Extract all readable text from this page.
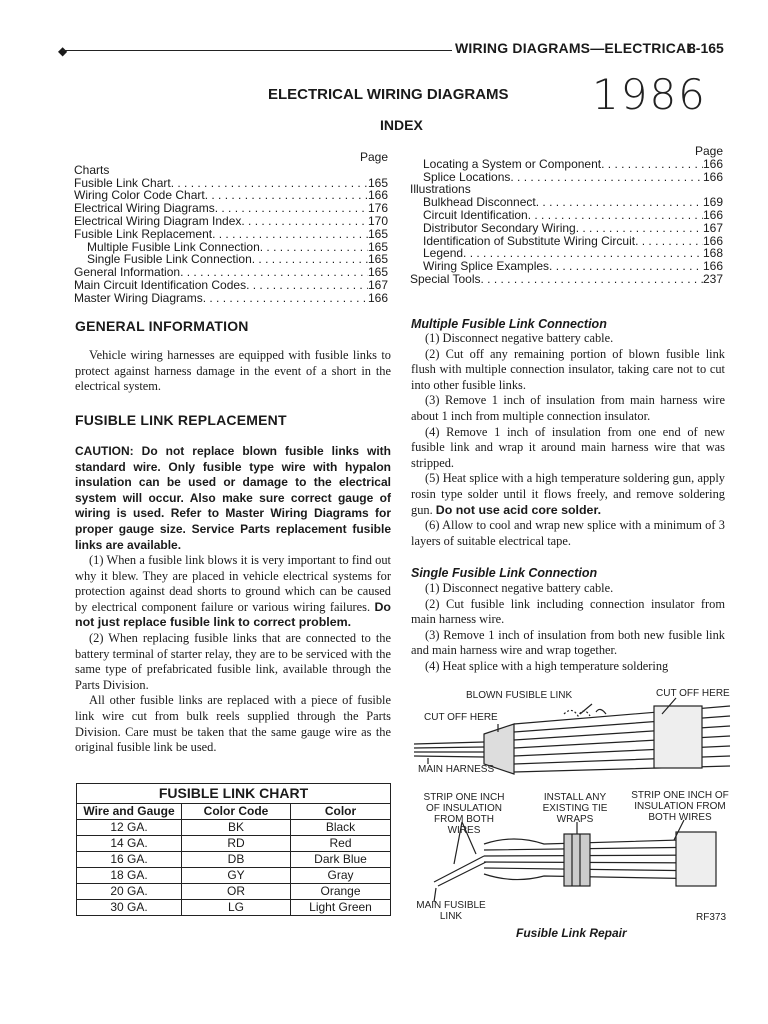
◆	WIRING DIAGRAMS—ELECTRICAL
8-165
ELECTRICAL WIRING DIAGRAMS 1986
INDEX
Page
Charts
Fusible Link Chart . . .	165
Wiring Color Code Chart . . .	166
Electrical Wiring Diagrams . . .	176
Electrical Wiring Diagram Index . . .	170
Fusible Link Replacement . . .	165
Multiple Fusible Link Connection . . .	165
Single Fusible Link Connection . . .	165
General Information . . .	165
Main Circuit Identification Codes . . .	167
Master Wiring Diagrams . . .	166
Page
Locating a System or Component . . .	166
Splice Locations . . .	166
Illustrations
Bulkhead Disconnect . . .	169
Circuit Identification . . .	166
Distributor Secondary Wiring . . .	167
Identification of Substitute Wiring Circuit . . .	166
Legend . . .	168
Wiring Splice Examples . . .	166
Special Tools . . .	237
GENERAL INFORMATION

Vehicle wiring harnesses are equipped with fusible links to protect against harness damage in the event of a short in the electrical system.

FUSIBLE LINK REPLACEMENT
CAUTION: Do not replace blown fusible links with standard wire. Only fusible type wire with hypalon insulation can be used or damage to the electrical system will occur. Also make sure correct gauge of wiring is used. Refer to Master Wiring Diagrams for proper gauge size. Service Parts replacement fusible links are available.

(1) When a fusible link blows it is very important to find out why it blew. They are placed in vehicle electrical systems for protection against dead shorts to ground which can be caused by electrical component failure or various wiring failures. Do not just replace fusible link to correct problem.

(2) When replacing fusible links that are connected to the battery terminal of starter relay, they are to be serviced with the same type of prefabricated fusible link, available through the Parts Division.

All other fusible links are replaced with a piece of fusible link wire cut from bulk reels supplied through the Parts Division. Care must be taken that the same gauge wire as the original fusible link be used.

FUSIBLE LINK CHART		
Wire and Gauge	Color Code	Color
12 GA.	BK	Black
14 GA.	RD	Red
16 GA.	DB	Dark Blue
18 GA.	GY	Gray
20 GA.	OR	Orange
30 GA.	LG	Light Green
Multiple Fusible Link Connection

(1) Disconnect negative battery cable.

(2) Cut off any remaining portion of blown fusible link flush with multiple connection insulator, taking care not to cut into other fusible links.

(3) Remove 1 inch of insulation from main harness wire about 1 inch from multiple connection insulator.

(4) Remove 1 inch of insulation from one end of new fusible link and wrap it around main harness wire that was stripped.

(5) Heat splice with a high temperature soldering gun, apply rosin type solder until it flows freely, and remove soldering gun. Do not use acid core solder.

(6) Allow to cool and wrap new splice with a minimum of 3 layers of suitable electrical tape.

Single Fusible Link Connection

(1) Disconnect negative battery cable.

(2) Cut fusible link including connection insulator from main harness wire.

(3) Remove 1 inch of insulation from both new fusible link and main harness wire and wrap together.

(4) Heat splice with a high temperature soldering

BLOWN FUSIBLE LINK	CUT OFF HERE
CUT OFF HERE
MAIN HARNESS
STRIP ONE INCH OF INSULATION FROM BOTH WIRES
INSTALL ANY EXISTING TIE WRAPS
STRIP ONE INCH OF INSULATION FROM BOTH WIRES
MAIN FUSIBLE LINK	RF373
Fusible Link Repair
